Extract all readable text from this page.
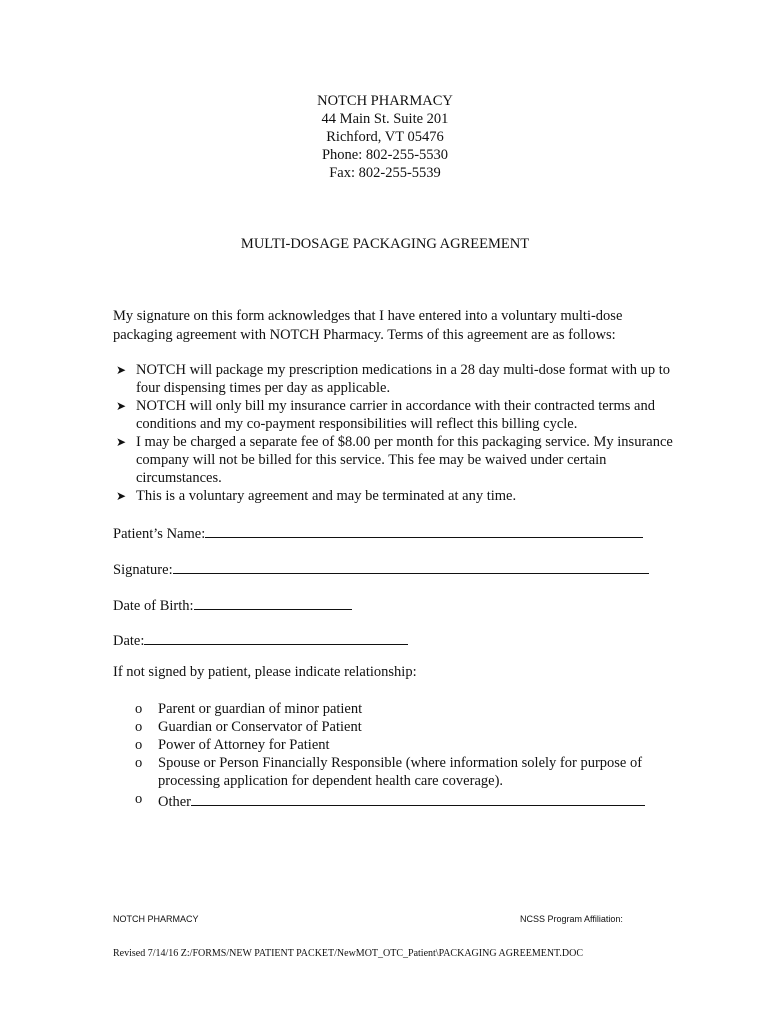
NOTCH PHARMACY
44 Main St. Suite 201
Richford, VT 05476
Phone: 802-255-5530
Fax: 802-255-5539
MULTI-DOSAGE PACKAGING AGREEMENT
My signature on this form acknowledges that I have entered into a voluntary multi-dose packaging agreement with NOTCH Pharmacy. Terms of this agreement are as follows:
➤ NOTCH will package my prescription medications in a 28 day multi-dose format with up to four dispensing times per day as applicable.
➤ NOTCH will only bill my insurance carrier in accordance with their contracted terms and conditions and my co-payment responsibilities will reflect this billing cycle.
➤ I may be charged a separate fee of $8.00 per month for this packaging service. My insurance company will not be billed for this service. This fee may be waived under certain circumstances.
➤ This is a voluntary agreement and may be terminated at any time.
Patient’s Name:
Signature:
Date of Birth:
Date:
If not signed by patient, please indicate relationship:
o Parent or guardian of minor patient
o Guardian or Conservator of Patient
o Power of Attorney for Patient
o Spouse or Person Financially Responsible (where information solely for purpose of processing application for dependent health care coverage).
o Other
NOTCH PHARMACY	NCSS Program Affiliation:
Revised 7/14/16 Z:/FORMS/NEW PATIENT PACKET/NewMOT_OTC_Patient\PACKAGING AGREEMENT.DOC
